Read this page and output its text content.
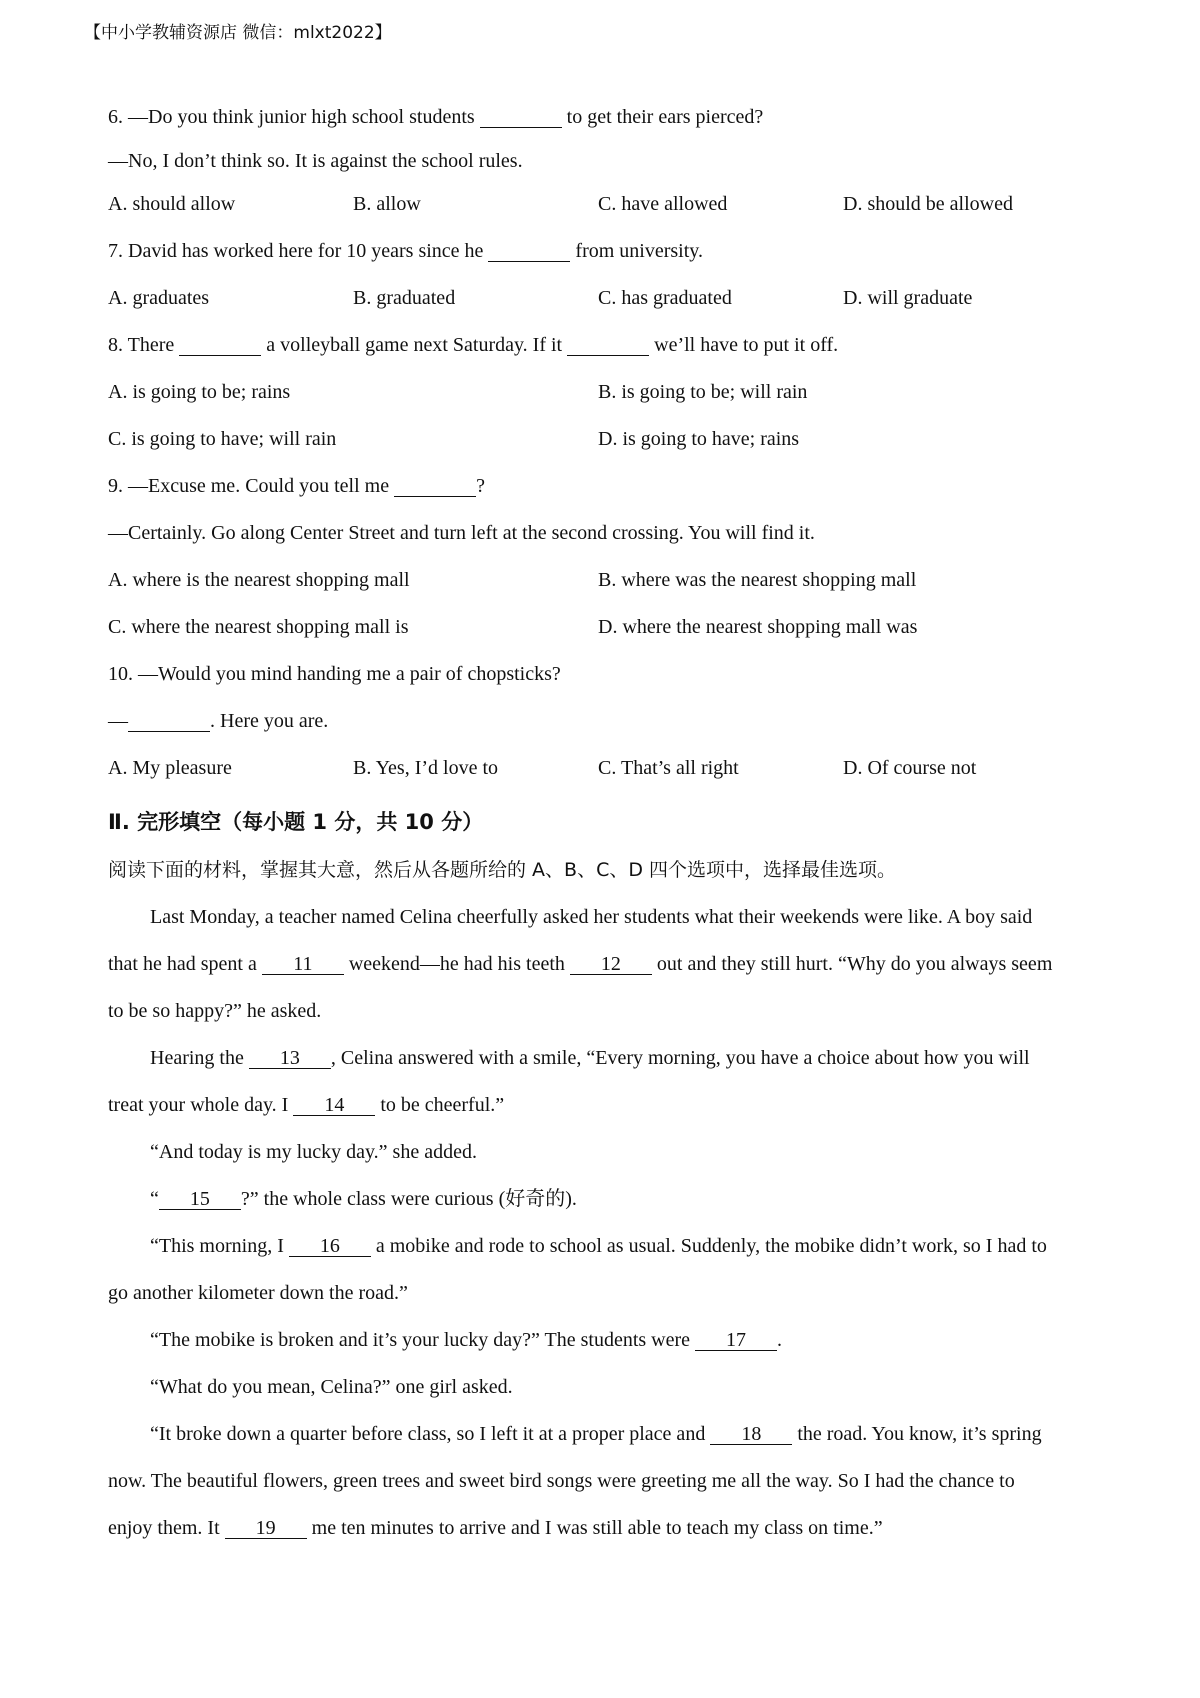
【中小学教辅资源店 微信：mlxt2022】
6. —Do you think junior high school students	to get their ears pierced?
—No, I don’t think so. It is against the school rules.
A. should allow	B. allow	C. have allowed	D. should be allowed
7. David has worked here for 10 years since he	from university.
A. graduates	B. graduated	C. has graduated	D. will graduate
8. There	a volleyball game next Saturday. If it	we’ll have to put it off.
A. is going to be; rains	B. is going to be; will rain
C. is going to have; will rain	D. is going to have; rains
9. —Excuse me. Could you tell me	?
—Certainly. Go along Center Street and turn left at the second crossing. You will find it.
A. where is the nearest shopping mall	B. where was the nearest shopping mall
C. where the nearest shopping mall is	D. where the nearest shopping mall was
10. —Would you mind handing me a pair of chopsticks?
—	. Here you are.
A. My pleasure	B. Yes, I’d love to	C. That’s all right	D. Of course not
Ⅱ. 完形填空（每小题 1 分，共 10 分）
阅读下面的材料，掌握其大意，然后从各题所给的 A、B、C、D 四个选项中，选择最佳选项。
Last Monday, a teacher named Celina cheerfully asked her students what their weekends were like. A boy said
that he had spent a 11 weekend—he had his teeth 12 out and they still hurt. “Why do you always seem
to be so happy?” he asked.
Hearing the 13 , Celina answered with a smile, “Every morning, you have a choice about how you will
treat your whole day. I 14 to be cheerful.”
“And today is my lucky day.” she added.
“ 15 ?” the whole class were curious (好奇的).
“This morning, I 16 a mobike and rode to school as usual. Suddenly, the mobike didn’t work, so I had to
go another kilometer down the road.”
“The mobike is broken and it’s your lucky day?” The students were 17 .
“What do you mean, Celina?” one girl asked.
“It broke down a quarter before class, so I left it at a proper place and 18 the road. You know, it’s spring
now. The beautiful flowers, green trees and sweet bird songs were greeting me all the way. So I had the chance to
enjoy them. It 19 me ten minutes to arrive and I was still able to teach my class on time.”
